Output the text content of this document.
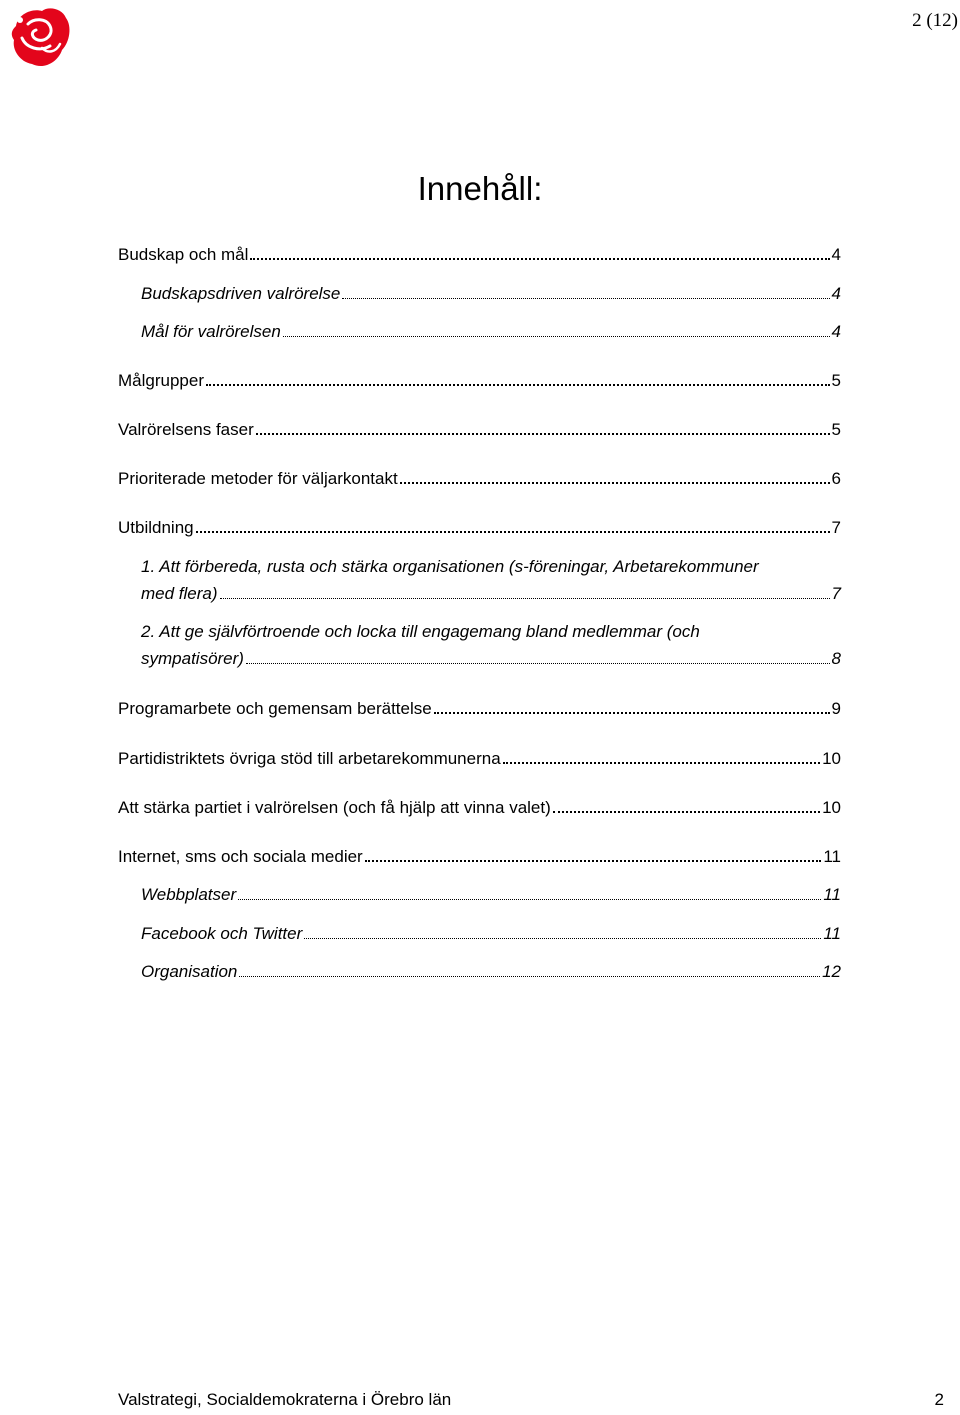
2 (12)
Innehåll:
Budskap och mål	4
Budskapsdriven valrörelse	4
Mål för valrörelsen	4
Målgrupper	5
Valrörelsens faser	5
Prioriterade metoder för väljarkontakt	6
Utbildning	7
1. Att förbereda, rusta och stärka organisationen (s-föreningar, Arbetarekommuner
med flera)	7
2. Att ge självförtroende och locka till engagemang bland medlemmar (och
sympatisörer)	8
Programarbete och gemensam berättelse	9
Partidistriktets övriga stöd till arbetarekommunerna	10
Att stärka partiet i valrörelsen (och få hjälp att vinna valet)	10
Internet, sms och sociala medier	11
Webbplatser	11
Facebook och Twitter	11
Organisation	12
Valstrategi, Socialdemokraterna i Örebro län	2
